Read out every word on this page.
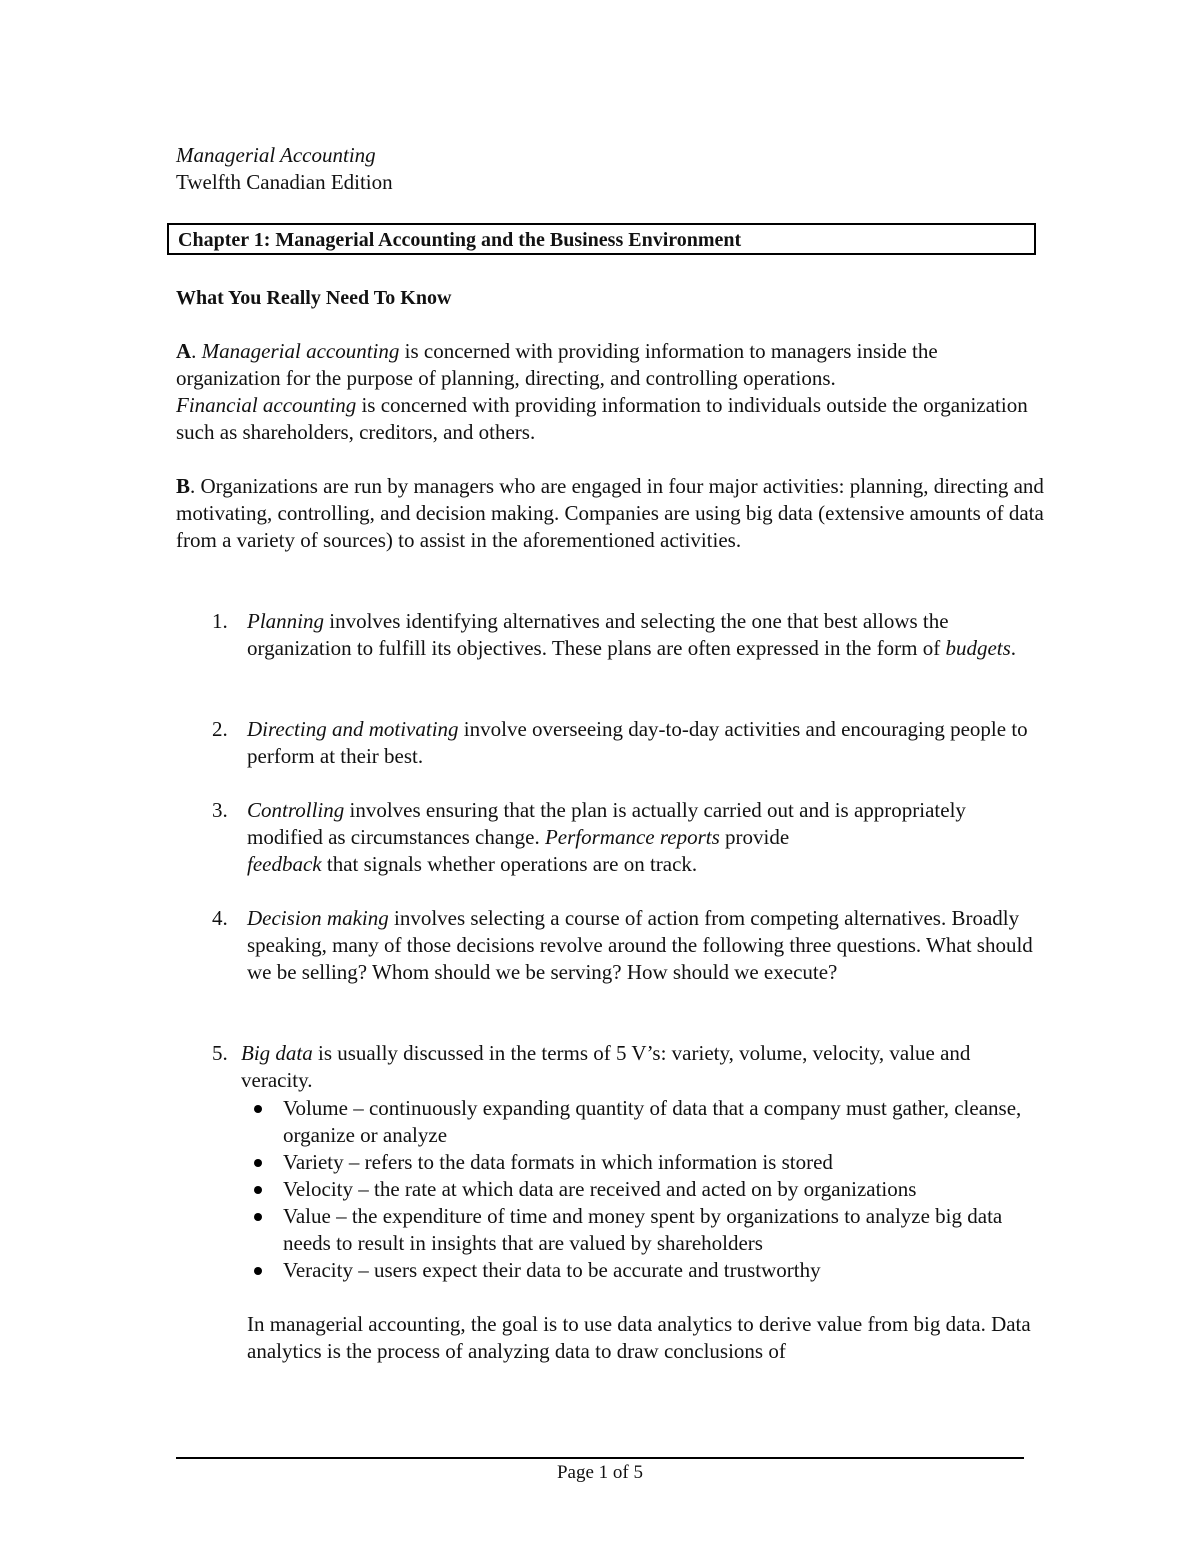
Managerial Accounting
Twelfth Canadian Edition
Chapter 1: Managerial Accounting and the Business Environment
What You Really Need To Know
A. Managerial accounting is concerned with providing information to managers inside the organization for the purpose of planning, directing, and controlling operations.
Financial accounting is concerned with providing information to individuals outside the organization such as shareholders, creditors, and others.
B. Organizations are run by managers who are engaged in four major activities: planning, directing and motivating, controlling, and decision making. Companies are using big data (extensive amounts of data from a variety of sources) to assist in the aforementioned activities.
1. Planning involves identifying alternatives and selecting the one that best allows the organization to fulfill its objectives. These plans are often expressed in the form of budgets.
2. Directing and motivating involve overseeing day-to-day activities and encouraging people to perform at their best.
3. Controlling involves ensuring that the plan is actually carried out and is appropriately modified as circumstances change. Performance reports provide
feedback that signals whether operations are on track.
4. Decision making involves selecting a course of action from competing alternatives. Broadly speaking, many of those decisions revolve around the following three questions. What should we be selling? Whom should we be serving? How should we execute?
5. Big data is usually discussed in the terms of 5 V’s: variety, volume, velocity, value and veracity.
Volume – continuously expanding quantity of data that a company must gather, cleanse, organize or analyze
Variety – refers to the data formats in which information is stored
Velocity – the rate at which data are received and acted on by organizations
Value – the expenditure of time and money spent by organizations to analyze big data needs to result in insights that are valued by shareholders
Veracity – users expect their data to be accurate and trustworthy
In managerial accounting, the goal is to use data analytics to derive value from big data. Data analytics is the process of analyzing data to draw conclusions of
Page 1 of 5
